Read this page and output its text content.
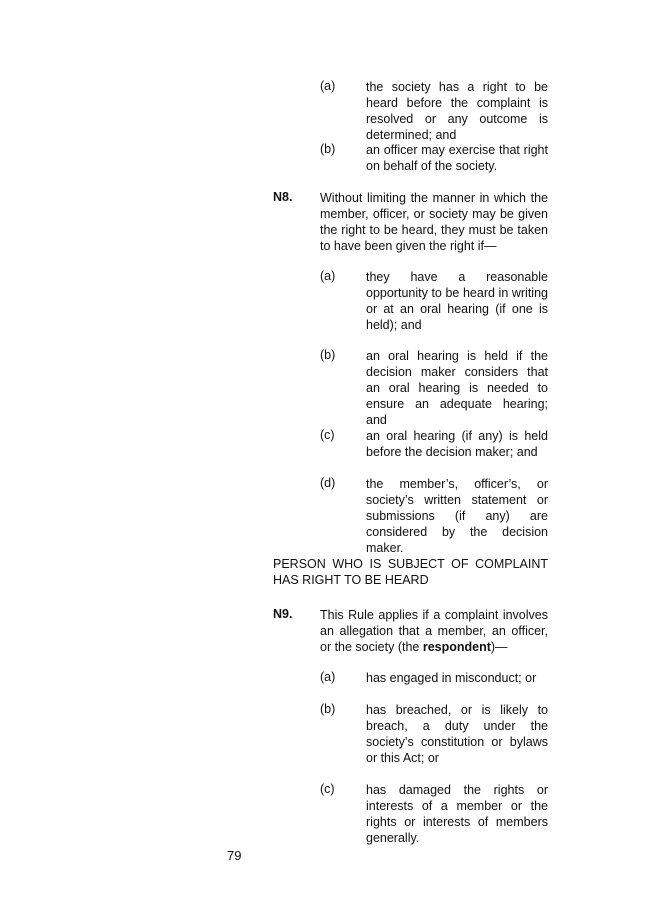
(a) the society has a right to be heard before the complaint is resolved or any outcome is determined; and
(b) an officer may exercise that right on behalf of the society.
N8. Without limiting the manner in which the member, officer, or society may be given the right to be heard, they must be taken to have been given the right if—
(a) they have a reasonable opportunity to be heard in writing or at an oral hearing (if one is held); and
(b) an oral hearing is held if the decision maker considers that an oral hearing is needed to ensure an adequate hearing; and
(c)	an oral hearing (if any) is held before the decision maker; and
(d) the member’s, officer’s, or society’s written statement or submissions (if any) are considered by the decision maker.
PERSON WHO IS SUBJECT OF COMPLAINT HAS RIGHT TO BE HEARD
N9. This Rule applies if a complaint involves an allegation that a member, an officer, or the society (the respondent)—
(a) has engaged in misconduct; or
(b) has breached, or is likely to breach, a duty under the society’s constitution or bylaws or this Act; or
(c)	has damaged the rights or interests of a member or the rights or interests of members generally.
79
